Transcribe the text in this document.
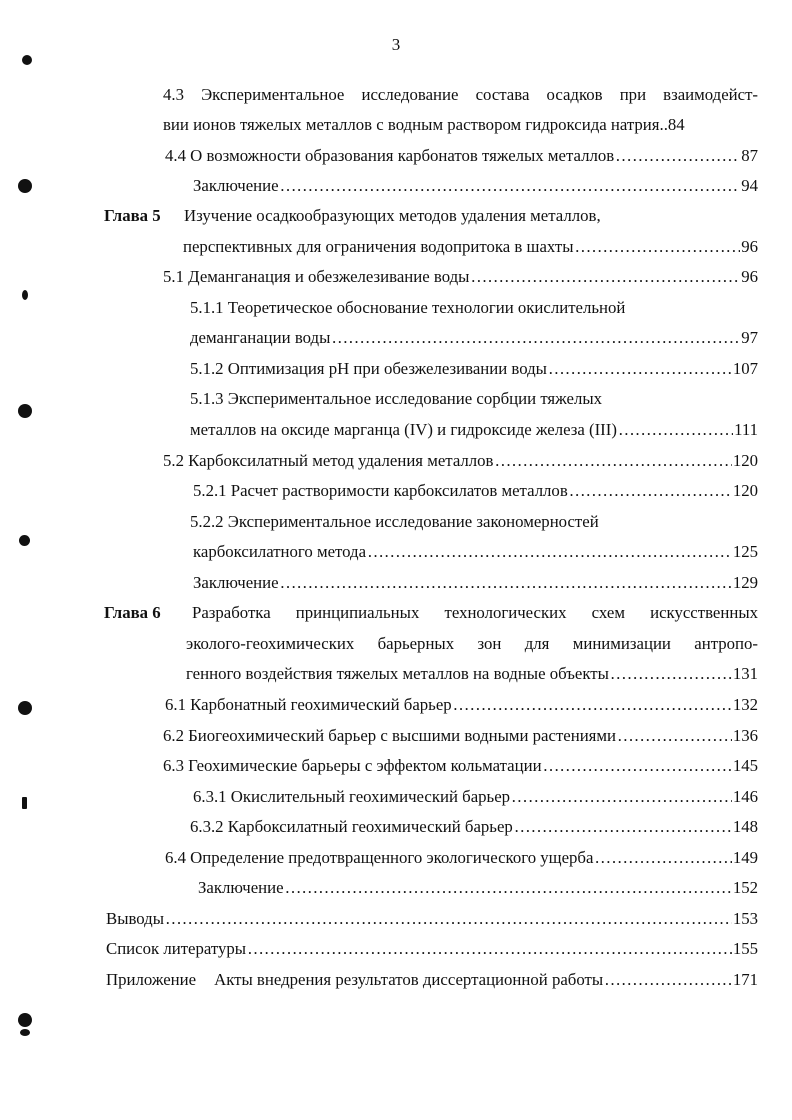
3
4.3 Экспериментальное исследование состава осадков при взаимодейст-
вии ионов тяжелых металлов с водным раствором гидроксида натрия..84
4.4 О возможности образования карбонатов тяжелых металлов ………………………………………………………………………………………………………………………………………………………………………	87
Заключение ………………………………………………………………………………………………………………………………………………………………………	94
Глава 5 Изучение осадкообразующих методов удаления металлов,
перспективных для ограничения водопритока в шахты ………………………………………………………………………………………………………………………………………………………………………	96
5.1 Деманганация и обезжелезивание воды ………………………………………………………………………………………………………………………………………………………………………	96
5.1.1 Теоретическое обоснование технологии окислительной
деманганации воды ………………………………………………………………………………………………………………………………………………………………………	97
5.1.2 Оптимизация рН при обезжелезивании воды ………………………………………………………………………………………………………………………………………………………………………	107
5.1.3 Экспериментальное исследование сорбции тяжелых
металлов на оксиде марганца (IV) и гидроксиде железа (III) ………………………………………………………………………………………………………………………………………………………………………	111
5.2 Карбоксилатный метод удаления металлов ………………………………………………………………………………………………………………………………………………………………………	120
5.2.1 Расчет растворимости карбоксилатов металлов ………………………………………………………………………………………………………………………………………………………………………	120
5.2.2 Экспериментальное исследование закономерностей
карбоксилатного метода ………………………………………………………………………………………………………………………………………………………………………	125
Заключение ………………………………………………………………………………………………………………………………………………………………………	129
Глава 6 Разработка принципиальных технологических схем искусственных
эколого-геохимических барьерных зон для минимизации антропо-
генного воздействия тяжелых металлов на водные объекты ………………………………………………………………………………………………………………………………………………………………………	131
6.1 Карбонатный геохимический барьер ………………………………………………………………………………………………………………………………………………………………………	132
6.2 Биогеохимический барьер с высшими водными растениями ………………………………………………………………………………………………………………………………………………………………………	136
6.3 Геохимические барьеры с эффектом кольматации ………………………………………………………………………………………………………………………………………………………………………	145
6.3.1 Окислительный геохимический барьер ………………………………………………………………………………………………………………………………………………………………………	146
6.3.2 Карбоксилатный геохимический барьер ………………………………………………………………………………………………………………………………………………………………………	148
6.4 Определение предотвращенного экологического ущерба ………………………………………………………………………………………………………………………………………………………………………	149
Заключение ………………………………………………………………………………………………………………………………………………………………………	152
Выводы ………………………………………………………………………………………………………………………………………………………………………	153
Список литературы ………………………………………………………………………………………………………………………………………………………………………	155
Приложение Акты внедрения результатов диссертационной работы ………………………………………………………………………………………………………………………………………………………………………	171
